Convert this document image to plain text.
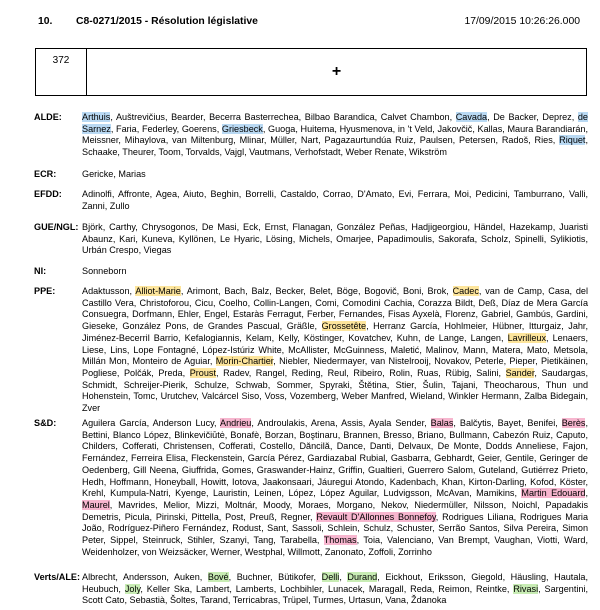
10. C8-0271/2015 - Résolution législative	17/09/2015 10:26:26.000
372
+
ALDE:	Arthuis, Auštrevičius, Bearder, Becerra Basterrechea, Bilbao Barandica, Calvet Chambon, Cavada, De Backer, Deprez, de Sarnez, Faria, Federley, Goerens, Griesbeck, Guoga, Huitema, Hyusmenova, in 't Veld, Jakovčič, Kallas, Maura Barandiarán, Meissner, Mihaylova, van Miltenburg, Mlinar, Müller, Nart, Pagazaurtundúa Ruiz, Paulsen, Petersen, Radoš, Ries, Riquet, Schaake, Theurer, Toom, Torvalds, Vajgl, Vautmans, Verhofstadt, Weber Renate, Wikström
ECR:	Gericke, Marias
EFDD:	Adinolfi, Affronte, Agea, Aiuto, Beghin, Borrelli, Castaldo, Corrao, D'Amato, Evi, Ferrara, Moi, Pedicini, Tamburrano, Valli, Zanni, Zullo
GUE/NGL: Björk, Carthy, Chrysogonos, De Masi, Eck, Ernst, Flanagan, González Peñas, Hadjigeorgiou, Händel, Hazekamp, Juaristi Abaunz, Kari, Kuneva, Kyllönen, Le Hyaric, Lösing, Michels, Omarjee, Papadimoulis, Sakorafa, Scholz, Spinelli, Sylikiotis, Urbán Crespo, Viegas
NI:	Sonneborn
PPE:	Adaktusson, Alliot-Marie, Arimont, Bach, Balz, Becker, Belet, Böge, Bogovič, Boni, Brok, Cadec, van de Camp, Casa, del Castillo Vera, Christoforou, Cicu, Coelho, Collin-Langen, Comi, Comodini Cachia, Corazza Bildt, Deß, Díaz de Mera García Consuegra, Dorfmann, Ehler, Engel, Estaràs Ferragut, Ferber, Fernandes, Fisas Ayxelà, Florenz, Gabriel, Gambús, Gardini, Gieseke, González Pons, de Grandes Pascual, Gräßle, Grossetête, Herranz García, Hohlmeier, Hübner, Itturgaiz, Jahr, Jiménez-Becerril Barrio, Kefalogiannis, Kelam, Kelly, Köstinger, Kovatchev, Kuhn, de Lange, Langen, Lavrilleux, Lenaers, Liese, Lins, Lope Fontagné, López-Istúriz White, McAllister, McGuinness, Maletić, Malinov, Mann, Matera, Mato, Metsola, Millán Mon, Monteiro de Aguiar, Morin-Chartier, Niebler, Niedermayer, van Nistelrooij, Novakov, Peterle, Pieper, Pietikäinen, Pogliese, Polčák, Preda, Proust, Radev, Rangel, Reding, Reul, Ribeiro, Rolin, Ruas, Rübig, Salini, Sander, Saudargas, Schmidt, Schreijer-Pierik, Schulze, Schwab, Sommer, Spyraki, Štětina, Stier, Šulin, Tajani, Theocharous, Thun und Hohenstein, Tomc, Urutchev, Valcárcel Siso, Voss, Vozemberg, Weber Manfred, Wieland, Winkler Hermann, Zalba Bidegain, Zver
S&D:	Aguilera García, Anderson Lucy, Andrieu, Androulakis, Arena, Assis, Ayala Sender, Balas, Balčytis, Bayet, Benifei, Berès, Bettini, Blanco López, Blinkevičiūtė, Bonafè, Borzan, Boştinaru, Brannen, Bresso, Briano, Bullmann, Cabezón Ruiz, Caputo, Childers, Cofferati, Christensen, Cofferati, Costello, Dăncilă, Dance, Danti, Delvaux, De Monte, Dodds Anneliese, Fajon, Fernández, Ferreira Elisa, Fleckenstein, García Pérez, Gardiazabal Rubial, Gasbarra, Gebhardt, Geier, Gentile, Geringer de Oedenberg, Gill Neena, Giuffrida, Gomes, Graswander-Hainz, Griffin, Gualtieri, Guerrero Salom, Guteland, Gutiérrez Prieto, Hedh, Hoffmann, Honeyball, Howitt, Iotova, Jaakonsaari, Jáuregui Atondo, Kadenbach, Khan, Kirton-Darling, Kofod, Köster, Krehl, Kumpula-Natri, Kyenge, Lauristin, Leinen, López, López Aguilar, Ludvigsson, McAvan, Mamikins, Martin Edouard, Maurel, Mavrides, Melior, Mizzi, Moltnár, Moody, Moraes, Morgano, Nekov, Niedermüller, Nilsson, Noichl, Papadakis Demetris, Picula, Pirinski, Pittella, Post, Preuß, Regner, Revault D'Allonnes Bonnefoy, Rodrigues Liliana, Rodrigues Maria João, Rodríguez-Piñero Fernández, Rodust, Sant, Sassoli, Schlein, Schulz, Schuster, Serrão Santos, Silva Pereira, Simon Peter, Sippel, Steinruck, Stihler, Szanyi, Tang, Tarabella, Thomas, Toia, Valenciano, Van Brempt, Vaughan, Viotti, Ward, Weidenholzer, von Weizsäcker, Werner, Westphal, Willmott, Zanonato, Zoffoli, Zorrinho
Verts/ALE: Albrecht, Andersson, Auken, Bové, Buchner, Bütikofer, Delli, Durand, Eickhout, Eriksson, Giegold, Häusling, Hautala, Heubuch, Joly, Keller Ska, Lambert, Lamberts, Lochbihler, Lunacek, Maragall, Reda, Reimon, Reintke, Rivasi, Sargentini, Scott Cato, Sebastià, Šoltes, Tarand, Terricabras, Trüpel, Turmes, Urtasun, Vana, Ždanoka
